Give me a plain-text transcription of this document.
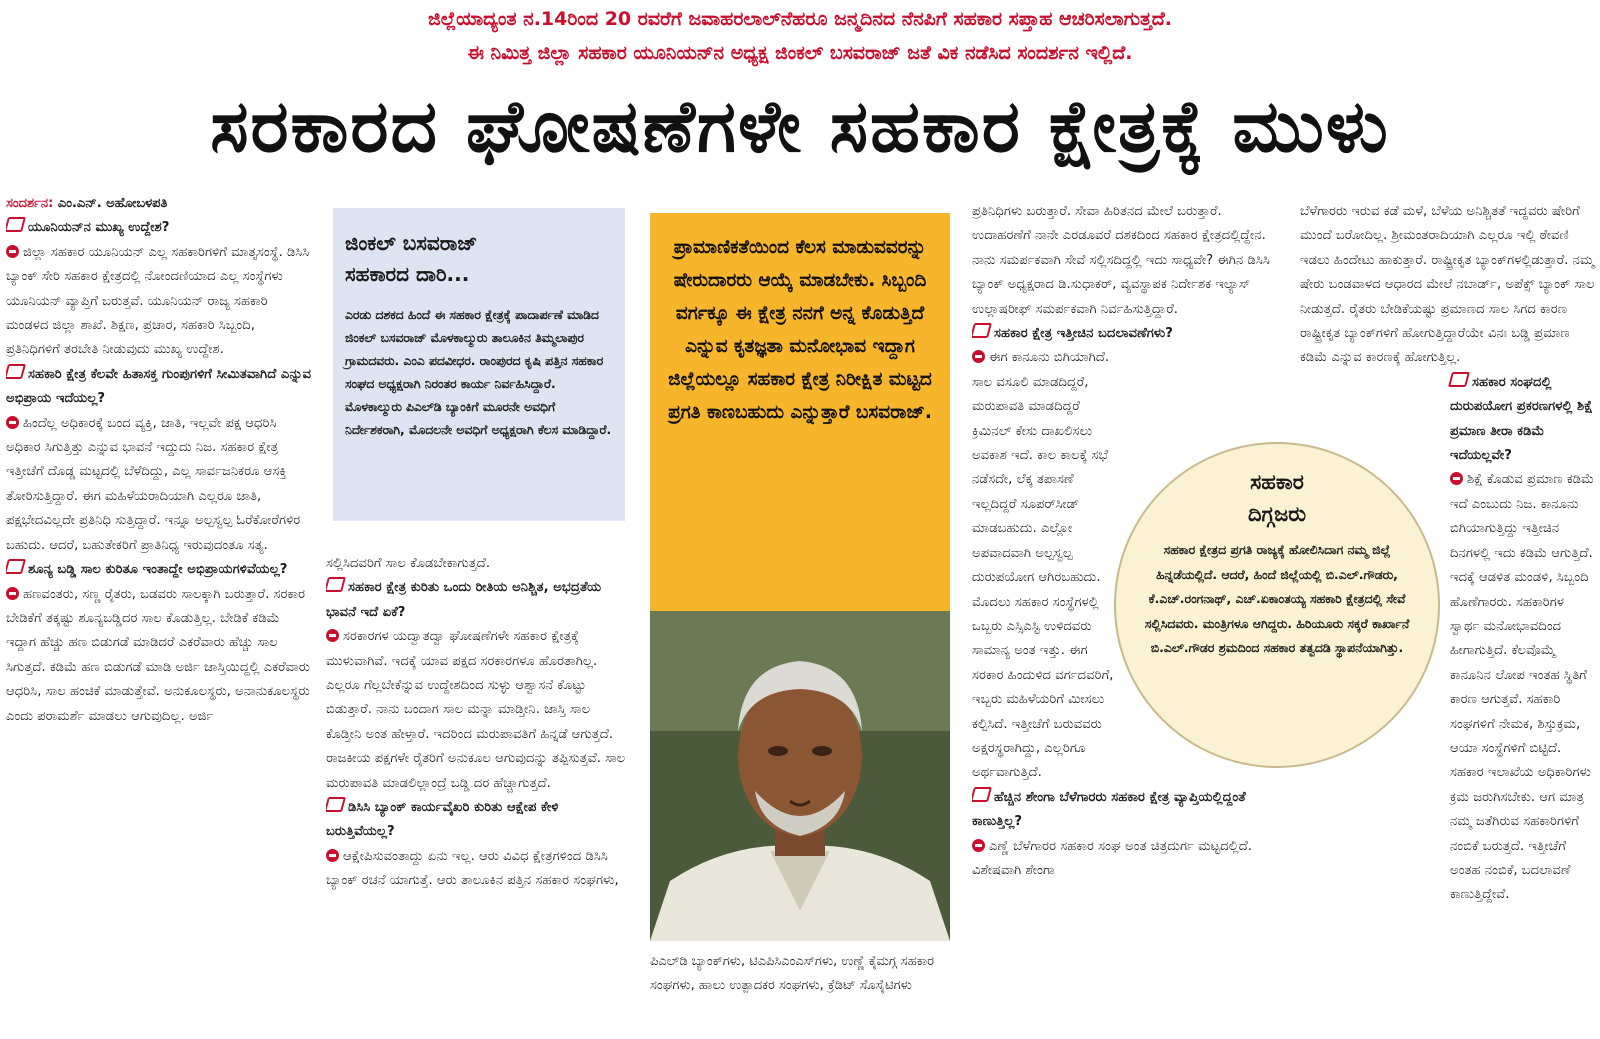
ಜಿಲ್ಲೆಯಾದ್ಯಂತ ನ.14ರಿಂದ 20 ರವರೆಗೆ ಜವಾಹರಲಾಲ್‌ನೆಹರೂ ಜನ್ಮದಿನದ ನೆನಪಿಗೆ ಸಹಕಾರ ಸಪ್ತಾಹ ಆಚರಿಸಲಾಗುತ್ತದೆ.
ಈ ನಿಮಿತ್ತ ಜಿಲ್ಲಾ ಸಹಕಾರ ಯೂನಿಯನ್‌ನ ಅಧ್ಯಕ್ಷ ಜಿಂಕಲ್ ಬಸವರಾಜ್ ಜತೆ ವಿಕ ನಡೆಸಿದ ಸಂದರ್ಶನ ಇಲ್ಲಿದೆ.
ಸರಕಾರದ ಘೋಷಣೆಗಳೇ ಸಹಕಾರ ಕ್ಷೇತ್ರಕ್ಕೆ ಮುಳು

ಸಂದರ್ಶನ: ಎಂ.ಎನ್. ಅಹೋಬಳಪತಿ

ಯೂನಿಯನ್‌ನ ಮುಖ್ಯ ಉದ್ದೇಶ?

ಜಿಲ್ಲಾ ಸಹಕಾರ ಯೂನಿಯನ್ ಎಲ್ಲ ಸಹಕಾರಿಗಳಿಗೆ ಮಾತೃಸಂಸ್ಥೆ. ಡಿಸಿಸಿ ಬ್ಯಾಂಕ್ ಸೇರಿ ಸಹಕಾರ ಕ್ಷೇತ್ರದಲ್ಲಿ ನೋಂದಣಿಯಾದ ಎಲ್ಲ ಸಂಸ್ಥೆಗಳು ಯೂನಿಯನ್ ವ್ಯಾಪ್ತಿಗೆ ಬರುತ್ತವೆ. ಯೂನಿಯನ್ ರಾಜ್ಯ ಸಹಕಾರಿ ಮಂಡಳದ ಜಿಲ್ಲಾ ಶಾಖೆ. ಶಿಕ್ಷಣ, ಪ್ರಚಾರ, ಸಹಕಾರಿ ಸಿಬ್ಬಂದಿ, ಪ್ರತಿನಿಧಿಗಳಿಗೆ ತರಬೇತಿ ನೀಡುವುದು ಮುಖ್ಯ ಉದ್ದೇಶ.

ಸಹಕಾರಿ ಕ್ಷೇತ್ರ ಕೆಲವೇ ಹಿತಾಸಕ್ತ ಗುಂಪುಗಳಿಗೆ ಸೀಮಿತವಾಗಿದೆ ಎನ್ನುವ ಅಭಿಪ್ರಾಯ ಇದೆಯಲ್ಲ?

ಹಿಂದೆಲ್ಲ ಅಧಿಕಾರಕ್ಕೆ ಬಂದ ವ್ಯಕ್ತಿ, ಜಾತಿ, ಇಲ್ಲವೇ ಪಕ್ಷ ಆಧರಿಸಿ ಅಧಿಕಾರ ಸಿಗುತ್ತಿತ್ತು ಎನ್ನುವ ಭಾವನೆ ಇದ್ದುದು ನಿಜ. ಸಹಕಾರ ಕ್ಷೇತ್ರ ಇತ್ತೀಚೆಗೆ ದೊಡ್ಡ ಮಟ್ಟದಲ್ಲಿ ಬೆಳೆದಿದ್ದು, ಎಲ್ಲ ಸಾರ್ವಜನಿಕರೂ ಆಸಕ್ತಿ ತೋರಿಸುತ್ತಿದ್ದಾರೆ. ಈಗ ಮಹಿಳೆಯರಾದಿಯಾಗಿ ಎಲ್ಲರೂ ಜಾತಿ, ಪಕ್ಷಭೇದವಿಲ್ಲದೇ ಪ್ರತಿನಿಧಿ ಸುತ್ತಿದ್ದಾರೆ. ಇನ್ನೂ ಅಲ್ಪಸ್ವಲ್ಪ ಓರೆಕೋರೆಗಳಿರ ಬಹುದು. ಆದರೆ, ಬಹುತೇಕರಿಗೆ ಪ್ರಾತಿನಿಧ್ಯ ಇರುವುದಂತೂ ಸತ್ಯ.

ಶೂನ್ಯ ಬಡ್ಡಿ ಸಾಲ ಕುರಿತೂ ಇಂತಾದ್ದೇ ಅಭಿಪ್ರಾಯಗಳಿವೆಯಲ್ಲ?

ಹಣವಂತರು, ಸಣ್ಣ ರೈತರು, ಬಡವರು ಸಾಲಕ್ಕಾಗಿ ಬರುತ್ತಾರೆ. ಸರಕಾರ ಬೇಡಿಕೆಗೆ ತಕ್ಕಷ್ಟು ಶೂನ್ಯಬಡ್ಡಿದರ ಸಾಲ ಕೊಡುತ್ತಿಲ್ಲ. ಬೇಡಿಕೆ ಕಡಿಮೆ ಇದ್ದಾಗ ಹೆಚ್ಚು ಹಣ ಬಿಡುಗಡೆ ಮಾಡಿದರೆ ಎಕರೆವಾರು ಹೆಚ್ಚು ಸಾಲ ಸಿಗುತ್ತದೆ. ಕಡಿಮೆ ಹಣ ಬಿಡುಗಡೆ ಮಾಡಿ ಅರ್ಜಿ ಜಾಸ್ತಿಯಿದ್ದಲ್ಲಿ ಎಕರೆವಾರು ಆಧರಿಸಿ, ಸಾಲ ಹಂಚಿಕೆ ಮಾಡುತ್ತೇವೆ. ಅನುಕೂಲಸ್ಥರು, ಅನಾನುಕೂಲಸ್ಥರು ಎಂದು ಪರಾಮರ್ಶೆ ಮಾಡಲು ಆಗುವುದಿಲ್ಲ. ಅರ್ಜಿ

ಜಿಂಕಲ್ ಬಸವರಾಜ್
ಸಹಕಾರದ ದಾರಿ...
ಎರಡು ದಶಕದ ಹಿಂದೆ ಈ ಸಹಕಾರ ಕ್ಷೇತ್ರಕ್ಕೆ ಪಾದಾರ್ಪಣೆ ಮಾಡಿದ ಜಿಂಕಲ್ ಬಸವರಾಜ್ ಮೊಳಕಾಲ್ಮುರು ತಾಲೂಕಿನ ತಿಮ್ಮಲಾಪುರ ಗ್ರಾಮದವರು. ಎಂಎ ಪದವೀಧರ. ರಾಂಪುರದ ಕೃಷಿ ಪತ್ತಿನ ಸಹಕಾರ ಸಂಘದ ಅಧ್ಯಕ್ಷರಾಗಿ ನಿರಂತರ ಕಾರ್ಯ ನಿರ್ವಹಿಸಿದ್ದಾರೆ. ಮೊಳಕಾಲ್ಮುರು ಪಿಎಲ್‌ಡಿ ಬ್ಯಾಂಕಿಗೆ ಮೂರನೇ ಅವಧಿಗೆ ನಿರ್ದೇಶಕರಾಗಿ, ಮೊದಲನೇ ಅವಧಿಗೆ ಅಧ್ಯಕ್ಷರಾಗಿ ಕೆಲಸ ಮಾಡಿದ್ದಾರೆ.

ಸಲ್ಲಿಸಿದವರಿಗೆ ಸಾಲ ಕೊಡಬೇಕಾಗುತ್ತದೆ.

ಸಹಕಾರ ಕ್ಷೇತ್ರ ಕುರಿತು ಒಂದು ರೀತಿಯ ಅನಿಶ್ಚಿತ, ಅಭದ್ರತೆಯ ಭಾವನೆ ಇದೆ ಏಕೆ?

ಸರಕಾರಗಳ ಯದ್ವಾತದ್ವಾ ಘೋಷಣೆಗಳೇ ಸಹಕಾರ ಕ್ಷೇತ್ರಕ್ಕೆ ಮುಳುವಾಗಿವೆ. ಇದಕ್ಕೆ ಯಾವ ಪಕ್ಷದ ಸರಕಾರಗಳೂ ಹೊರತಾಗಿಲ್ಲ. ಎಲ್ಲರೂ ಗೆಲ್ಲಬೇಕೆನ್ನುವ ಉದ್ದೇಶದಿಂದ ಸುಳ್ಳು ಆಶ್ವಾಸನೆ ಕೊಟ್ಟು ಬಿಡುತ್ತಾರೆ. ನಾನು ಬಂದಾಗ ಸಾಲ ಮನ್ನಾ ಮಾಡ್ತೀನಿ. ಜಾಸ್ತಿ ಸಾಲ ಕೊಡ್ತೀನಿ ಅಂತ ಹೇಳ್ತಾರೆ. ಇದರಿಂದ ಮರುಪಾವತಿಗೆ ಹಿನ್ನಡೆ ಆಗುತ್ತದೆ. ರಾಜಕೀಯ ಪಕ್ಷಗಳೇ ರೈತರಿಗೆ ಅನುಕೂಲ ಆಗುವುದನ್ನು ತಪ್ಪಿಸುತ್ತವೆ. ಸಾಲ ಮರುಪಾವತಿ ಮಾಡಲಿಲ್ಲಾಂದ್ರೆ ಬಡ್ಡಿ ದರ ಹೆಚ್ಚಾಗುತ್ತದೆ.

ಡಿಸಿಸಿ ಬ್ಯಾಂಕ್ ಕಾರ್ಯವೈಖರಿ ಕುರಿತು ಆಕ್ಷೇಪ ಕೇಳಿ ಬರುತ್ತಿವೆಯಲ್ಲ?

ಆಕ್ಷೇಪಿಸುವಂತಾದ್ದು ಏನು ಇಲ್ಲ. ಆರು ವಿವಿಧ ಕ್ಷೇತ್ರಗಳಿಂದ ಡಿಸಿಸಿ ಬ್ಯಾಂಕ್ ರಚನೆ ಯಾಗುತ್ತೆ. ಆರು ತಾಲೂಕಿನ ಪತ್ತಿನ ಸಹಕಾರ ಸಂಘಗಳು,

ಪ್ರಾಮಾಣಿಕತೆಯಿಂದ ಕೆಲಸ ಮಾಡುವವರನ್ನು ಷೇರುದಾರರು ಆಯ್ಕೆ ಮಾಡಬೇಕು. ಸಿಬ್ಬಂದಿ ವರ್ಗಕ್ಕೂ ಈ ಕ್ಷೇತ್ರ ನನಗೆ ಅನ್ನ ಕೊಡುತ್ತಿದೆ ಎನ್ನುವ ಕೃತಜ್ಞತಾ ಮನೋಭಾವ ಇದ್ದಾಗ ಜಿಲ್ಲೆಯಲ್ಲೂ ಸಹಕಾರ ಕ್ಷೇತ್ರ ನಿರೀಕ್ಷಿತ ಮಟ್ಟದ ಪ್ರಗತಿ ಕಾಣಬಹುದು ಎನ್ನುತ್ತಾರೆ ಬಸವರಾಜ್.
ಪಿಎಲ್‌ಡಿ ಬ್ಯಾಂಕ್‌ಗಳು, ಟಿಎಪಿಸಿಎಂಎಸ್‌ಗಳು, ಉಣ್ಣೆ ಕೈಮಗ್ಗ ಸಹಕಾರ ಸಂಘಗಳು, ಹಾಲು ಉತ್ಪಾದಕರ ಸಂಘಗಳು, ಕ್ರೆಡಿಟ್ ಸೊಸೈಟಿಗಳು

ಪ್ರತಿನಿಧಿಗಳು ಬರುತ್ತಾರೆ. ಸೇವಾ ಹಿರಿತನದ ಮೇಲೆ ಬರುತ್ತಾರೆ. ಉದಾಹರಣೆಗೆ ನಾನೇ ಎರಡೂವರೆ ದಶಕದಿಂದ ಸಹಕಾರ ಕ್ಷೇತ್ರದಲ್ಲಿದ್ದೇನ. ನಾನು ಸಮರ್ಪಕವಾಗಿ ಸೇವೆ ಸಲ್ಲಿಸದಿದ್ದಲ್ಲಿ ಇದು ಸಾಧ್ಯವೇ? ಈಗಿನ ಡಿಸಿಸಿ ಬ್ಯಾಂಕ್ ಅಧ್ಯಕ್ಷರಾದ ಡಿ.ಸುಧಾಕರ್, ವ್ಯವಸ್ಥಾಪಕ ನಿರ್ದೇಶಕ ಇಲ್ಯಾಸ್ ಉಲ್ಲಾಷರೀಫ್ ಸಮರ್ಪಕವಾಗಿ ನಿರ್ವಹಿಸುತ್ತಿದ್ದಾರೆ.

ಸಹಕಾರ ಕ್ಷೇತ್ರ ಇತ್ತೀಚಿನ ಬದಲಾವಣೆಗಳು?

ಈಗ ಕಾನೂನು ಬಿಗಿಯಾಗಿದೆ. ಸಾಲ ವಸೂಲಿ ಮಾಡದಿದ್ದರೆ, ಮರುಪಾವತಿ ಮಾಡದಿದ್ದರೆ ಕ್ರಿಮಿನಲ್ ಕೇಸು ದಾಖಲಿಸಲು ಅವಕಾಶ ಇದೆ. ಕಾಲ ಕಾಲಕ್ಕೆ ಸಭೆ ನಡೆಸದೇ, ಲೆಕ್ಕ ತಪಾಸಣೆ ಇಲ್ಲದಿದ್ದರೆ ಸೂಪರ್‌ಸೀಡ್ ಮಾಡಬಹುದು. ಎಲ್ಲೋ ಅಪವಾದವಾಗಿ ಅಲ್ಪಸ್ವಲ್ಪ ದುರುಪಯೋಗ ಆಗಿರಬಹುದು. ಮೊದಲು ಸಹಕಾರ ಸಂಸ್ಥೆಗಳಲ್ಲಿ ಒಬ್ಬರು ಎಸ್ಸಿಎಸ್ಟಿ ಉಳಿದವರು ಸಾಮಾನ್ಯ ಅಂತ ಇತ್ತು. ಈಗ ಸರಕಾರ ಹಿಂದುಳಿದ ವರ್ಗದವರಿಗೆ, ಇಬ್ಬರು ಮಹಿಳೆಯರಿಗೆ ಮೀಸಲು ಕಲ್ಪಿಸಿದೆ. ಇತ್ತೀಚೆಗೆ ಬರುವವರು ಅಕ್ಷರಸ್ಥರಾಗಿದ್ದು, ಎಲ್ಲರಿಗೂ ಅರ್ಥವಾಗುತ್ತಿದೆ.

ಹೆಚ್ಚಿನ ಶೇಂಗಾ ಬೆಳೆಗಾರರು ಸಹಕಾರ ಕ್ಷೇತ್ರ ವ್ಯಾಪ್ತಿಯಲ್ಲಿದ್ದಂತೆ ಕಾಣುತ್ತಿಲ್ಲ?

ಎಣ್ಣೆ ಬೆಳೆಗಾರರ ಸಹಕಾರ ಸಂಘ ಅಂತ ಚಿತ್ರದುರ್ಗ ಮಟ್ಟದಲ್ಲಿದೆ. ವಿಶೇಷವಾಗಿ ಶೇಂಗಾ

ಸಹಕಾರ
ದಿಗ್ಗಜರು
ಸಹಕಾರ ಕ್ಷೇತ್ರದ ಪ್ರಗತಿ ರಾಜ್ಯಕ್ಕೆ ಹೋಲಿಸಿದಾಗ ನಮ್ಮ ಜಿಲ್ಲೆ ಹಿನ್ನಡೆಯಲ್ಲಿದೆ. ಆದರೆ, ಹಿಂದೆ ಜಿಲ್ಲೆಯಲ್ಲಿ ಬಿ.ಎಲ್.ಗೌಡರು, ಕೆ.ಎಚ್.ರಂಗನಾಥ್, ಎಚ್.ಏಕಾಂತಯ್ಯ ಸಹಕಾರಿ ಕ್ಷೇತ್ರದಲ್ಲಿ ಸೇವೆ ಸಲ್ಲಿಸಿದವರು. ಮಂತ್ರಿಗಳೂ ಆಗಿದ್ದರು. ಹಿರಿಯೂರು ಸಕ್ಕರೆ ಕಾರ್ಖಾನೆ ಬಿ.ಎಲ್.ಗೌಡರ ಶ್ರಮದಿಂದ ಸಹಕಾರ ತತ್ವದಡಿ ಸ್ಥಾಪನೆಯಾಗಿತ್ತು.

ಬೆಳೆಗಾರರು ಇರುವ ಕಡೆ ಮಳೆ, ಬೆಳೆಯ ಅನಿಶ್ಚಿತತೆ ಇದ್ದವರು ಷೇರಿಗೆ ಮುಂದೆ ಬರೋದಿಲ್ಲ. ಶ್ರೀಮಂತರಾದಿಯಾಗಿ ಎಲ್ಲರೂ ಇಲ್ಲಿ ಠೇವಣಿ ಇಡಲು ಹಿಂದೇಟು ಹಾಕುತ್ತಾರೆ. ರಾಷ್ಟ್ರೀಕೃತ ಬ್ಯಾಂಕ್‌ಗಳಲ್ಲಿಡುತ್ತಾರೆ. ನಮ್ಮ ಷೇರು ಬಂಡವಾಳದ ಆಧಾರದ ಮೇಲೆ ನಬಾರ್ಡ್, ಅಪೆಕ್ಸ್ ಬ್ಯಾಂಕ್ ಸಾಲ ನೀಡುತ್ತದೆ. ರೈತರು ಬೇಡಿಕೆಯಷ್ಟು ಪ್ರಮಾಣದ ಸಾಲ ಸಿಗದ ಕಾರಣ ರಾಷ್ಟ್ರೀಕೃತ ಬ್ಯಾಂಕ್‌ಗಳಿಗೆ ಹೋಗುತ್ತಿದ್ದಾರೆಯೇ ವಿನಃ ಬಡ್ಡಿ ಪ್ರಮಾಣ ಕಡಿಮೆ ಎನ್ನುವ ಕಾರಣಕ್ಕೆ ಹೋಗುತ್ತಿಲ್ಲ.

ಸಹಕಾರ ಸಂಘದಲ್ಲಿ ದುರುಪಯೋಗ ಪ್ರಕರಣಗಳಲ್ಲಿ ಶಿಕ್ಷೆ ಪ್ರಮಾಣ ತೀರಾ ಕಡಿಮೆ ಇದೆಯಲ್ಲವೇ?

ಶಿಕ್ಷೆ ಕೊಡುವ ಪ್ರಮಾಣ ಕಡಿಮೆ ಇದೆ ಎಂಬುದು ನಿಜ. ಕಾನೂನು ಬಿಗಿಯಾಗುತ್ತಿದ್ದು ಇತ್ತೀಚಿನ ದಿನಗಳಲ್ಲಿ ಇದು ಕಡಿಮೆ ಆಗುತ್ತಿದೆ. ಇದಕ್ಕೆ ಆಡಳಿತ ಮಂಡಳಿ, ಸಿಬ್ಬಂದಿ ಹೊಣೆಗಾರರು. ಸಹಕಾರಿಗಳ ಸ್ವಾರ್ಥ ಮನೋಭಾವದಿಂದ ಹೀಗಾಗುತ್ತಿದೆ. ಕೆಲವೊಮ್ಮೆ ಕಾನೂನಿನ ಲೋಪ ಇಂತಹ ಸ್ಥಿತಿಗೆ ಕಾರಣ ಆಗುತ್ತವೆ. ಸಹಕಾರಿ ಸಂಘಗಳಿಗೆ ನೇಮಕ, ಶಿಸ್ತುಕ್ರಮ, ಆಯಾ ಸಂಸ್ಥೆಗಳಿಗೆ ಬಿಟ್ಟಿದೆ. ಸಹಕಾರ ಇಲಾಖೆಯ ಅಧಿಕಾರಿಗಳು ಕ್ರಮ ಜರುಗಿಸಬೇಕು. ಆಗ ಮಾತ್ರ ನಮ್ಮ ಜತೆಗಿರುವ ಸಹಕಾರಿಗಳಿಗೆ ನಂಬಿಕೆ ಬರುತ್ತದೆ. ಇತ್ತೀಚೆಗೆ ಅಂತಹ ನಂಬಿಕೆ, ಬದಲಾವಣೆ ಕಾಣುತ್ತಿದ್ದೇವೆ.
